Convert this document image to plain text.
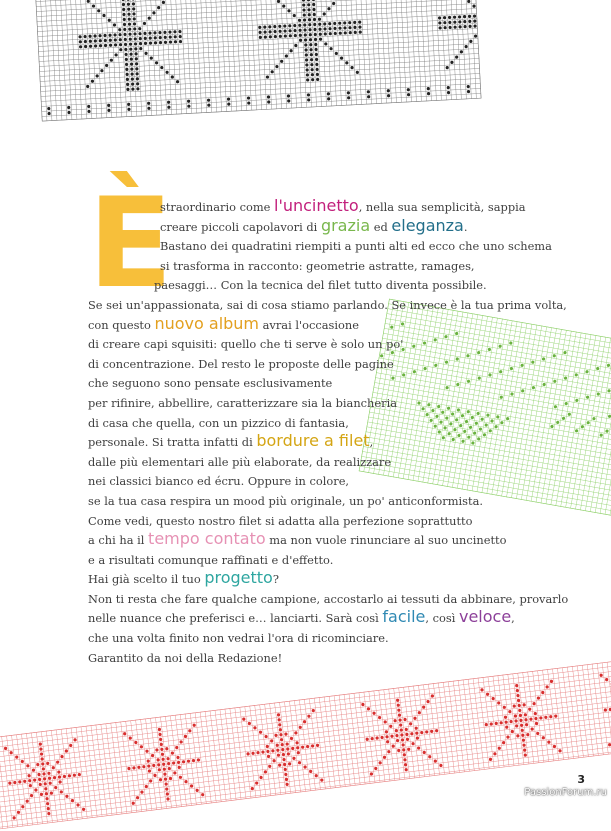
È
straordinario come l'uncinetto, nella sua semplicità, sappia
creare piccoli capolavori di grazia ed eleganza.
Bastano dei quadratini riempiti a punti alti ed ecco che uno schema
si trasforma in racconto: geometrie astratte, ramages,
paesaggi… Con la tecnica del filet tutto diventa possibile.
Se sei un'appassionata, sai di cosa stiamo parlando. Se invece è la tua prima volta,
con questo nuovo album avrai l'occasione
di creare capi squisiti: quello che ti serve è solo un po'
di concentrazione. Del resto le proposte delle pagine
che seguono sono pensate esclusivamente
per rifinire, abbellire, caratterizzare sia la biancheria
di casa che quella, con un pizzico di fantasia,
personale. Si tratta infatti di bordure a filet,
dalle più elementari alle più elaborate, da realizzare
nei classici bianco ed écru. Oppure in colore,
se la tua casa respira un mood più originale, un po' anticonformista.
Come vedi, questo nostro filet si adatta alla perfezione soprattutto
a chi ha il tempo contato ma non vuole rinunciare al suo uncinetto
e a risultati comunque raffinati e d'effetto.
Hai già scelto il tuo progetto?
Non ti resta che fare qualche campione, accostarlo ai tessuti da abbinare, provarlo
nelle nuance che preferisci e… lanciarti. Sarà così facile, così veloce,
che una volta finito non vedrai l'ora di ricominciare.
Garantito da noi della Redazione!
3
PassionForum.ru
